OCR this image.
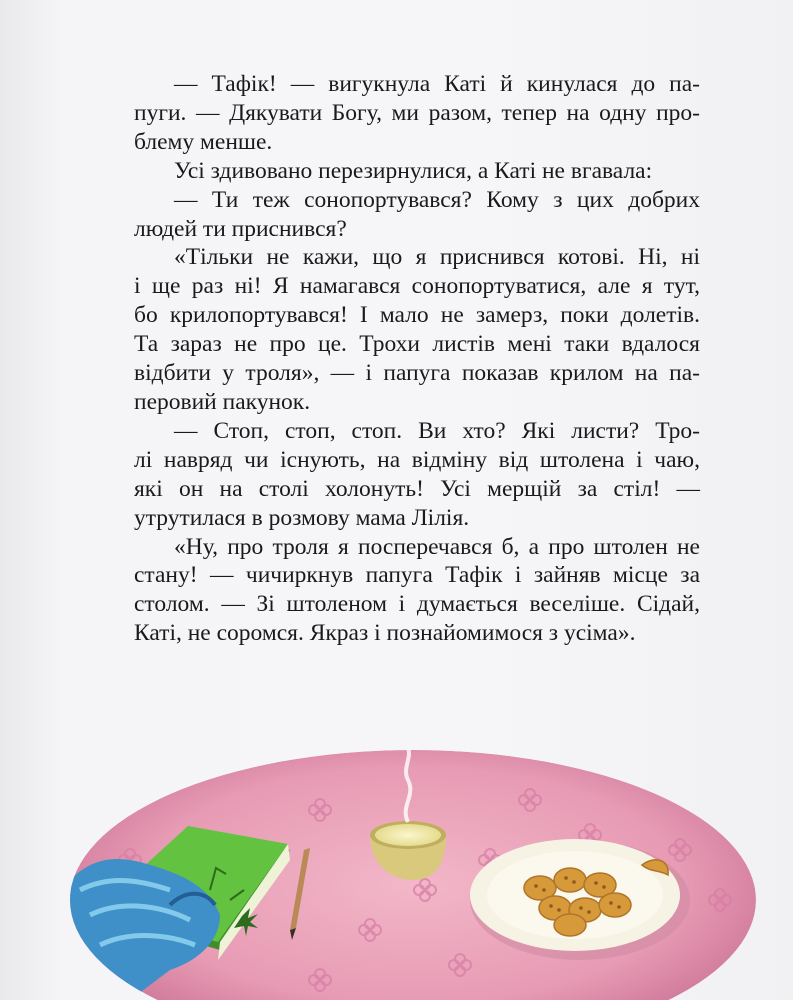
— Тафік! — вигукнула Каті й кинулася до па-
пуги. — Дякувати Богу, ми разом, тепер на одну про-
блему менше.
Усі здивовано перезирнулися, а Каті не вгавала:
— Ти теж сонопортувався? Кому з цих добрих
людей ти приснився?
«Тільки не кажи, що я приснився котові. Ні, ні
і ще раз ні! Я намагався сонопортуватися, але я тут,
бо крилопортувався! І мало не замерз, поки долетів.
Та зараз не про це. Трохи листів мені таки вдалося
відбити у троля», — і папуга показав крилом на па-
перовий пакунок.
— Стоп, стоп, стоп. Ви хто? Які листи? Тро-
лі навряд чи існують, на відміну від штолена і чаю,
які он на столі холонуть! Усі мерщій за стіл! —
утрутилася в розмову мама Лілія.
«Ну, про троля я посперечався б, а про штолен не
стану! — чичиркнув папуга Тафік і зайняв місце за
столом. — Зі штоленом і думається веселіше. Сідай,
Каті, не соромся. Якраз і познайомимося з усіма».
